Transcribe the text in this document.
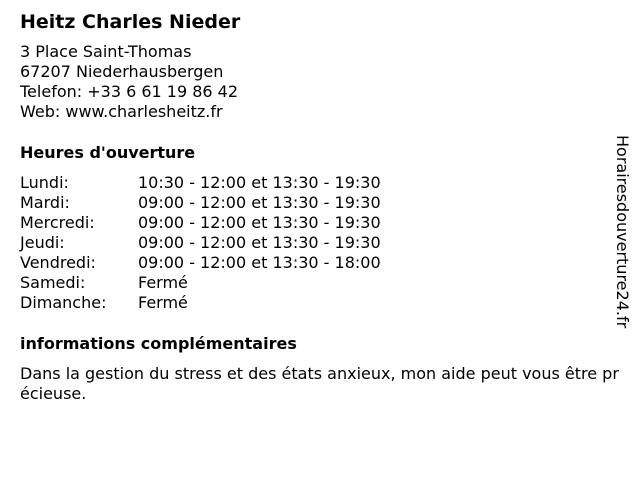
Heitz Charles Nieder
3 Place Saint-Thomas
67207 Niederhausbergen
Telefon: +33 6 61 19 86 42
Web: www.charlesheitz.fr
Heures d'ouverture
Lundi:	10:30 - 12:00 et 13:30 - 19:30
Mardi:	09:00 - 12:00 et 13:30 - 19:30
Mercredi:	09:00 - 12:00 et 13:30 - 19:30
Jeudi:	09:00 - 12:00 et 13:30 - 19:30
Vendredi:	09:00 - 12:00 et 13:30 - 18:00
Samedi:	Fermé
Dimanche:	Fermé
informations complémentaires
Dans la gestion du stress et des états anxieux, mon aide peut vous être précieuse.
Horairesdouverture24.fr
